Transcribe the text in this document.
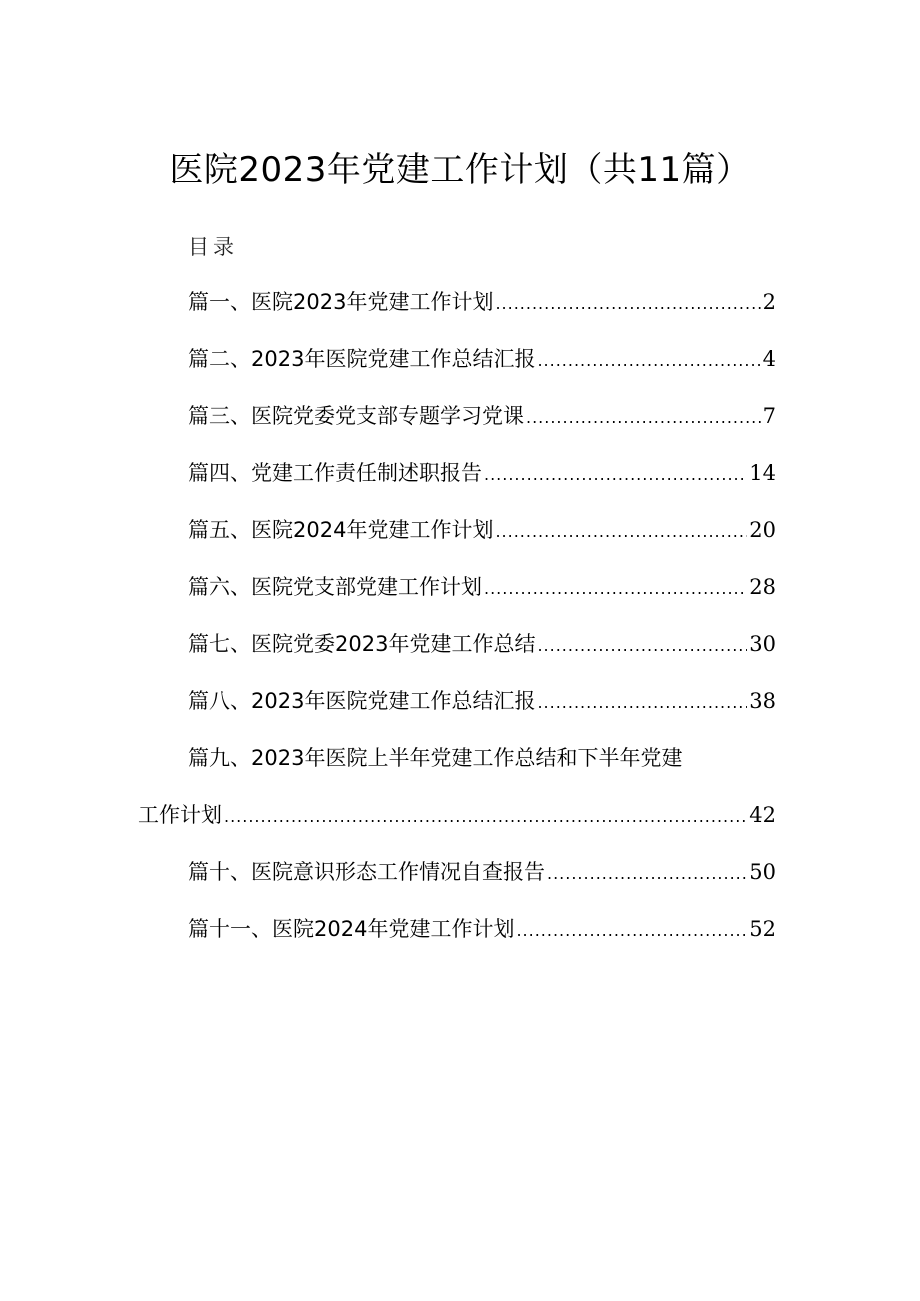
医院2023年党建工作计划（共11篇）
目录
篇一、医院2023年党建工作计划 .....	2
篇二、2023年医院党建工作总结汇报 .....	4
篇三、医院党委党支部专题学习党课 .....	7
篇四、党建工作责任制述职报告 .....	14
篇五、医院2024年党建工作计划 .....	20
篇六、医院党支部党建工作计划 .....	28
篇七、医院党委2023年党建工作总结 .....	30
篇八、2023年医院党建工作总结汇报 .....	38
篇九、2023年医院上半年党建工作总结和下半年党建
工作计划 .....	42
篇十、医院意识形态工作情况自查报告 .....	50
篇十一、医院2024年党建工作计划 .....	52
